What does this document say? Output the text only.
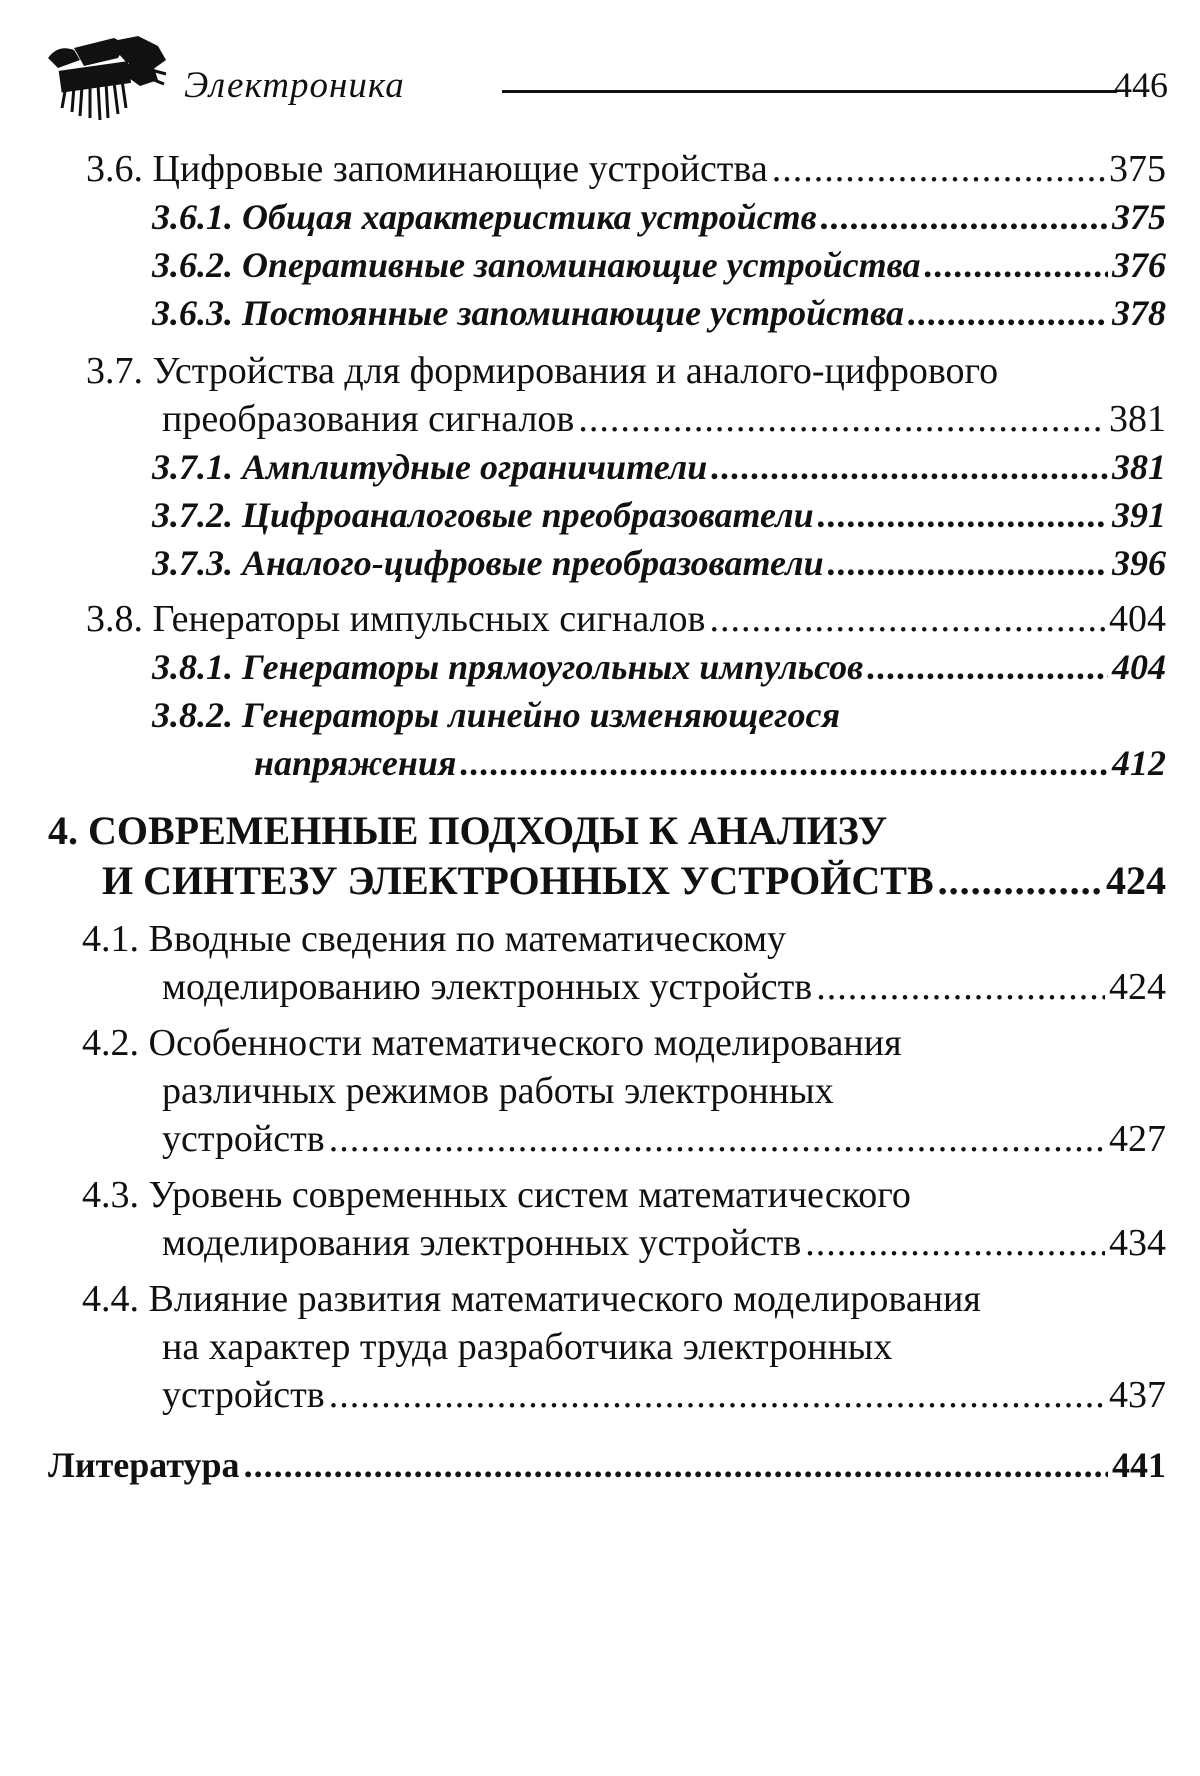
Электроника	446
3.6. Цифровые запоминающие устройства .....	375
3.6.1. Общая характеристика устройств .....	375
3.6.2. Оперативные запоминающие устройства .....	376
3.6.3. Постоянные запоминающие устройства .....	378
3.7. Устройства для формирования и аналого-цифрового
преобразования сигналов .....	381
3.7.1. Амплитудные ограничители .....	381
3.7.2. Цифроаналоговые преобразователи .....	391
3.7.3. Аналого-цифровые преобразователи .....	396
3.8. Генераторы импульсных сигналов .....	404
3.8.1. Генераторы прямоугольных импульсов .....	404
3.8.2. Генераторы линейно изменяющегося
напряжения .....	412
4. СОВРЕМЕННЫЕ ПОДХОДЫ К АНАЛИЗУ
И СИНТЕЗУ ЭЛЕКТРОННЫХ УСТРОЙСТВ .....	424
4.1. Вводные сведения по математическому
моделированию электронных устройств .....	424
4.2. Особенности математического моделирования
различных режимов работы электронных
устройств .....	427
4.3. Уровень современных систем математического
моделирования электронных устройств .....	434
4.4. Влияние развития математического моделирования
на характер труда разработчика электронных
устройств .....	437
Литература .....	441
